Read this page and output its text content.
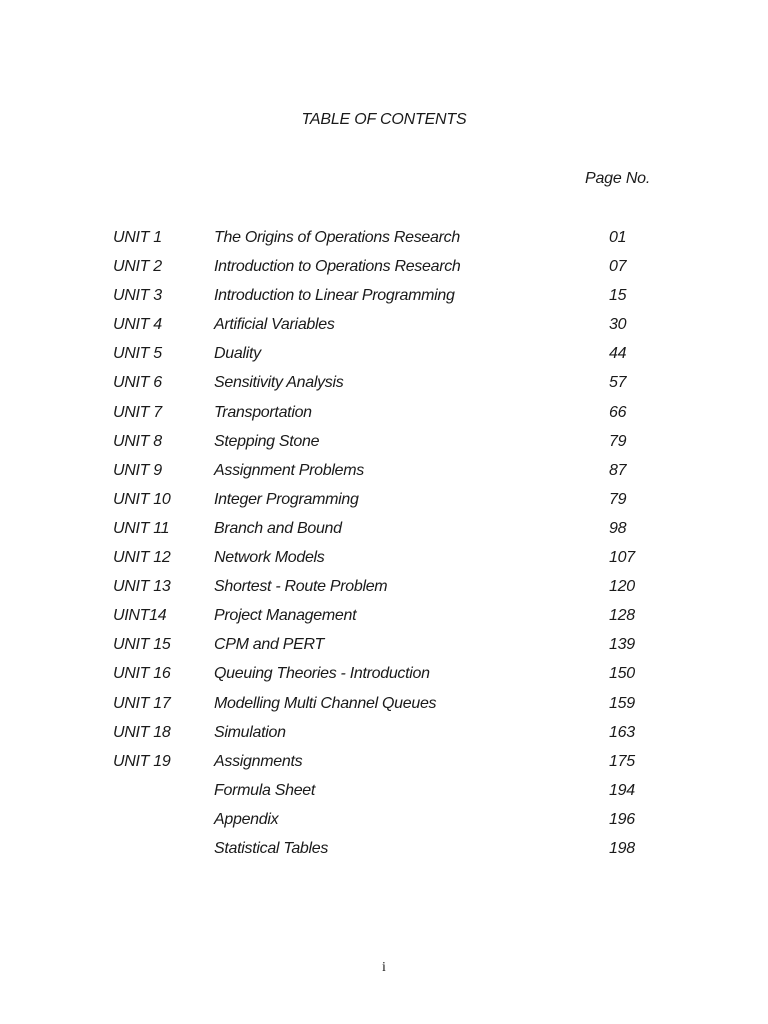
TABLE OF CONTENTS
Page No.
UNIT 1	The Origins of Operations Research	01
UNIT 2	Introduction to Operations Research	07
UNIT 3	Introduction to Linear Programming	15
UNIT 4	Artificial Variables	30
UNIT 5	Duality	44
UNIT 6	Sensitivity Analysis	57
UNIT 7	Transportation	66
UNIT 8	Stepping Stone	79
UNIT 9	Assignment Problems	87
UNIT 10	Integer Programming	79
UNIT 11	Branch and Bound	98
UNIT 12	Network Models	107
UNIT 13	Shortest - Route Problem	120
UINT14	Project Management	128
UNIT 15	CPM and PERT	139
UNIT 16	Queuing Theories - Introduction	150
UNIT 17	Modelling Multi Channel Queues	159
UNIT 18	Simulation	163
UNIT 19	Assignments	175
Formula Sheet	194
Appendix	196
Statistical Tables	198
i
